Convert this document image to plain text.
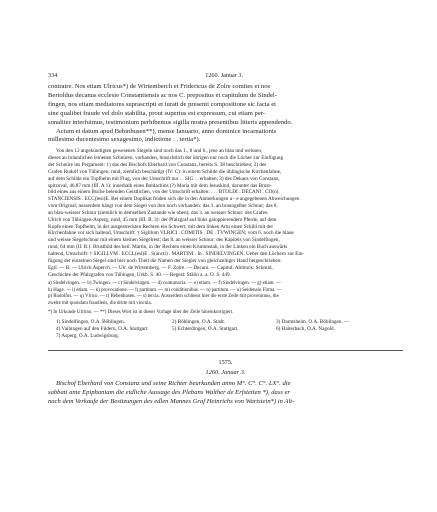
334	1260. Januar 3.

contraire. Nos etiam Ulricus*) de Wirtemberch et Fridericus de Zolre comites et nos

Bertoldus decanus ecclesie Constantiensis ac nos C. prepositus et capitulum de Sindel-

fingen, nos etiam mediatores suprascripti et iurati de presenti compositione sic facta et

sine qualibet fraude vel dolo stabilita, prout superius est expressum, cui etiam per-

sonaliter interfuimus, testimonium perhibemus sigilla nostra presentibus litteris appendendo.

Actum et datum apud Bebinhusen**), mense Ianuario, anno dominice incarnationis

millesimo ducentesimo sexagesimo, indictione . . tertia*).

Von den 12 angekündigten gewesenen Siegeln sind noch das 1., 8 und 6., jene an blau und weissen,

dieses an bräunlichen leinenen Schnüren, vorhanden, hinsichtlich der übrigen nur noch die Löcher zur Einfügung

der Schnüre ins Pergament: 1) das des Bischofs Eberhard von Constanz, bereits S. 38 beschrieben; 2) des

Grafen Rudolf von Tübingen, rund, ziemlich beschädigt (IV. C): in einem Schilde die üblingische Kirchenfahne,

auf dem Schilde ein Topfhelm mit Flug, von der Umschrift nur . . SIG . . erhalten; 3) des Dekans von Constanz,

spitzoval, 46,87 mm (III. A 1): innerhalb eines Baldachins (?) Maria mit dem Jesuskind, darunter das Brust-

bild eines aus einem Buche betenden Geistlichen, von der Umschrift erhalten: . . . BTOLDI . DECANI . CO(n).

STANCIENSIS . ECC(lesi)E. Bei einem Duplikat finden sich die in den Anmerkungen a - e angegebenen Abweichungen

vom Original; ausserdem hängt von dem Siegel von ihm noch vorhanden: das 1. an braungelber Schnur; das 8.

an blau-weisser Schnur (ziemlich in demselben Zustande wie oben); das 3. an weisser Schnur: des Grafen

Ulrich von Tübingen-Asperg, rund, 45 mm (III. B. 3): der Pfalzgraf auf links galoppierendem Pferde, auf dem

Kopfe einen Topfhelm, in der ausgestreckten Rechten ein Schwert, mit dem linken Arm einen Schild mit der

Kirchenfahne vor sich haltend, Umschrift: † Sigillum VLRICI . COMITIS . DE . TVWINGEN; vom 6. noch die blaue

und weisse Siegelschnur mit einem kleinen Siegelrest; das 8. an weisser Schnur: des Kapitels von Sindelfingen,

rund, 64 mm (II. B.): Brustbild des heil. Martin, in der Rechten einen Krummstab, in der Linken ein Buch auswärts

haltend, Umschrift: † SIGILLVM . ECCL(esi)E . S(ancti) . MARTINI . In . SINDELVINGEN. Ueber den Löchern zur Ein-

fügung der einzelnen Siegel sind hier noch Theil die Namen der Siegler von gleichzeitiger Hand beigeschrieben:

Egil. — B. — Ulrich Asperch. — Ulr. de Wirtemberg. — F. Zolre. — Decani. — Capitul. Abdruck: Schmid,

Geschichte der Pfalzgrafen von Tübingen, Urkb. S. 40. — Regest: Stälin a. a. O. S. 449.

a) Sindelvingen. — b) Twingen. — c) Sindelvingen. — d) contumacia. — e) etiam. — f) Sindelvingen. — g) etiam. —

h) Hage. — i) etiam. — k) provocatione. — l) partitum. — m) conditionibus. — n) partitum. — o) Seidenaio Firma. —

p) Rudolfus. — q) Vlrico. — r) Bebenhusen. — s) tercia. Ausserdem schliesst hier die erste Zeile mit provenimus, die

zweite mit quondam fraudiens, die dritte mit vincula.

*) In Urkunde Ulricus. — **) Dieses Wort ist in dieser Vorlage über der Zeile hineinkorrigiert.

1) Sindelfingen, O.A. Böblingen.	2) Böblingen, O.A. Stadt.	3) Darmsheim, O.A. Böblingen. —
4) Vaihingen auf den Fildern, O.A. Stuttgart.	5) Echterdingen, O.A. Stuttgart.	6) Haiterbach, O.A. Nagold.
7) Asperg, O.A. Ludwigsburg.
1575.
1260. Januar 3.

Bischof Eberhard von Constanz und seine Richter beurkunden anno M°. C°. C°. LX°. die

sabbati ante Epiphaniam die eidliche Aussage des Plebans Walther de Erfstetten *), dass er

nach dem Verkaufe der Besitzungen des edlen Mannes Graf Heinrichs von Wartstein*) in Alt-
